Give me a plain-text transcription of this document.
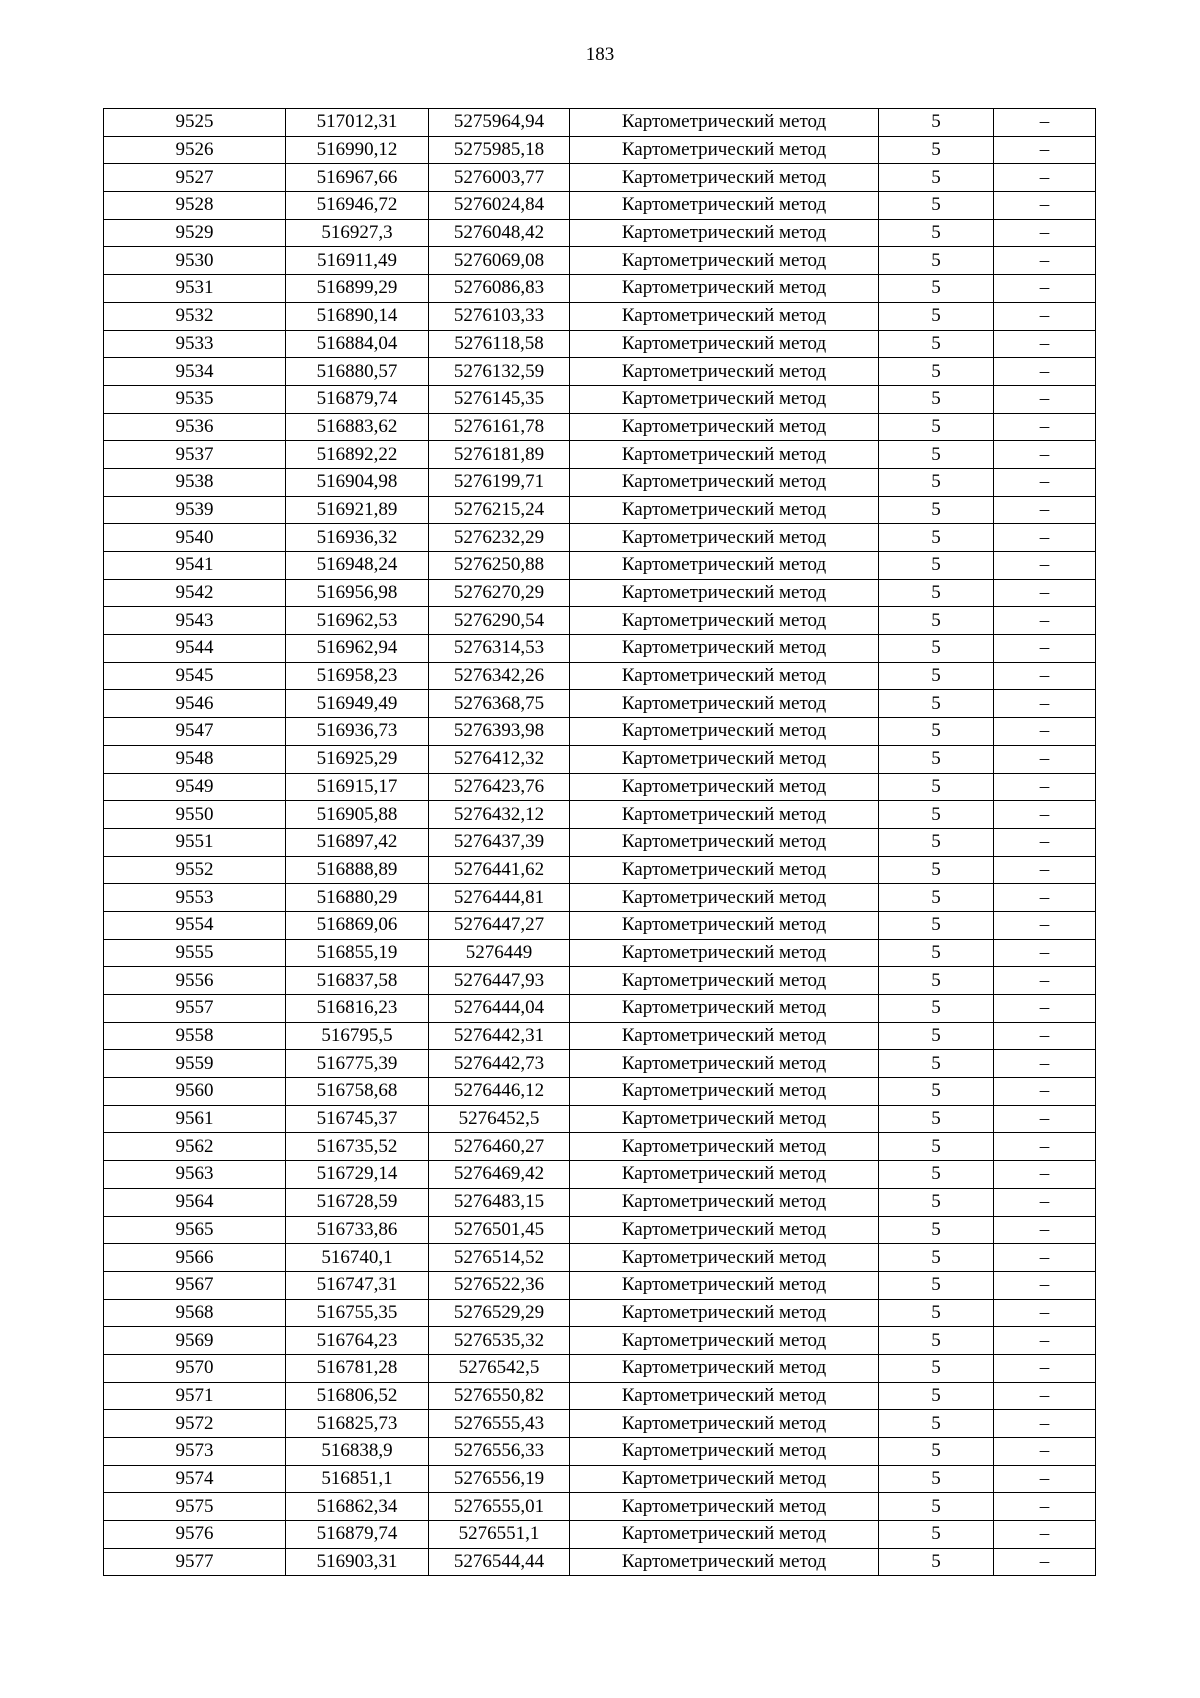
183
9525	517012,31	5275964,94	Картометрический метод	5	–
9526	516990,12	5275985,18	Картометрический метод	5	–
9527	516967,66	5276003,77	Картометрический метод	5	–
9528	516946,72	5276024,84	Картометрический метод	5	–
9529	516927,3	5276048,42	Картометрический метод	5	–
9530	516911,49	5276069,08	Картометрический метод	5	–
9531	516899,29	5276086,83	Картометрический метод	5	–
9532	516890,14	5276103,33	Картометрический метод	5	–
9533	516884,04	5276118,58	Картометрический метод	5	–
9534	516880,57	5276132,59	Картометрический метод	5	–
9535	516879,74	5276145,35	Картометрический метод	5	–
9536	516883,62	5276161,78	Картометрический метод	5	–
9537	516892,22	5276181,89	Картометрический метод	5	–
9538	516904,98	5276199,71	Картометрический метод	5	–
9539	516921,89	5276215,24	Картометрический метод	5	–
9540	516936,32	5276232,29	Картометрический метод	5	–
9541	516948,24	5276250,88	Картометрический метод	5	–
9542	516956,98	5276270,29	Картометрический метод	5	–
9543	516962,53	5276290,54	Картометрический метод	5	–
9544	516962,94	5276314,53	Картометрический метод	5	–
9545	516958,23	5276342,26	Картометрический метод	5	–
9546	516949,49	5276368,75	Картометрический метод	5	–
9547	516936,73	5276393,98	Картометрический метод	5	–
9548	516925,29	5276412,32	Картометрический метод	5	–
9549	516915,17	5276423,76	Картометрический метод	5	–
9550	516905,88	5276432,12	Картометрический метод	5	–
9551	516897,42	5276437,39	Картометрический метод	5	–
9552	516888,89	5276441,62	Картометрический метод	5	–
9553	516880,29	5276444,81	Картометрический метод	5	–
9554	516869,06	5276447,27	Картометрический метод	5	–
9555	516855,19	5276449	Картометрический метод	5	–
9556	516837,58	5276447,93	Картометрический метод	5	–
9557	516816,23	5276444,04	Картометрический метод	5	–
9558	516795,5	5276442,31	Картометрический метод	5	–
9559	516775,39	5276442,73	Картометрический метод	5	–
9560	516758,68	5276446,12	Картометрический метод	5	–
9561	516745,37	5276452,5	Картометрический метод	5	–
9562	516735,52	5276460,27	Картометрический метод	5	–
9563	516729,14	5276469,42	Картометрический метод	5	–
9564	516728,59	5276483,15	Картометрический метод	5	–
9565	516733,86	5276501,45	Картометрический метод	5	–
9566	516740,1	5276514,52	Картометрический метод	5	–
9567	516747,31	5276522,36	Картометрический метод	5	–
9568	516755,35	5276529,29	Картометрический метод	5	–
9569	516764,23	5276535,32	Картометрический метод	5	–
9570	516781,28	5276542,5	Картометрический метод	5	–
9571	516806,52	5276550,82	Картометрический метод	5	–
9572	516825,73	5276555,43	Картометрический метод	5	–
9573	516838,9	5276556,33	Картометрический метод	5	–
9574	516851,1	5276556,19	Картометрический метод	5	–
9575	516862,34	5276555,01	Картометрический метод	5	–
9576	516879,74	5276551,1	Картометрический метод	5	–
9577	516903,31	5276544,44	Картометрический метод	5	–
